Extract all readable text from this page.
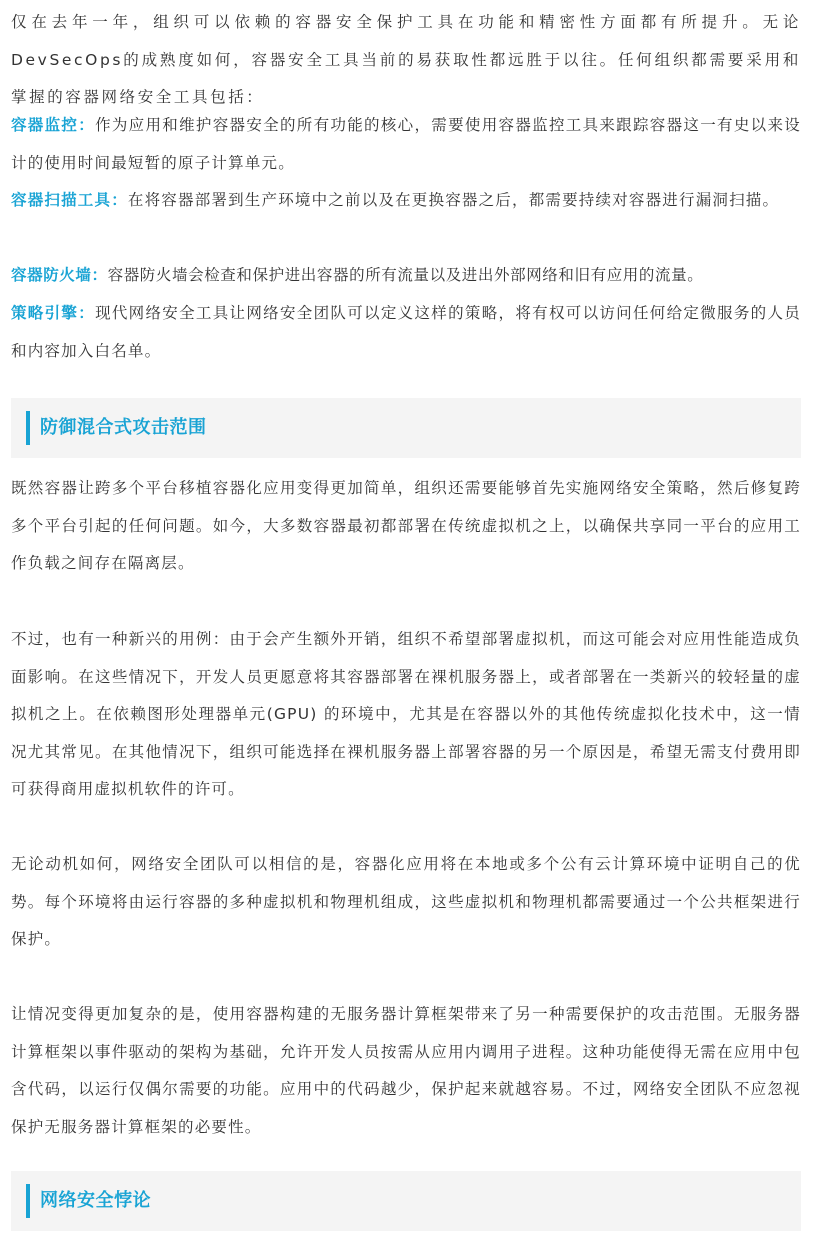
仅在去年一年，组织可以依赖的容器安全保护工具在功能和精密性方面都有所提升。无论DevSecOps的成熟度如何，容器安全工具当前的易获取性都远胜于以往。任何组织都需要采用和掌握的容器网络安全工具包括：

容器监控：作为应用和维护容器安全的所有功能的核心，需要使用容器监控工具来跟踪容器这一有史以来设计的使用时间最短暂的原子计算单元。

容器扫描工具：在将容器部署到生产环境中之前以及在更换容器之后，都需要持续对容器进行漏洞扫描。

容器防火墙：容器防火墙会检查和保护进出容器的所有流量以及进出外部网络和旧有应用的流量。

策略引擎：现代网络安全工具让网络安全团队可以定义这样的策略，将有权可以访问任何给定微服务的人员和内容加入白名单。

防御混合式攻击范围

既然容器让跨多个平台移植容器化应用变得更加简单，组织还需要能够首先实施网络安全策略，然后修复跨多个平台引起的任何问题。如今，大多数容器最初都部署在传统虚拟机之上，以确保共享同一平台的应用工作负载之间存在隔离层。

不过，也有一种新兴的用例：由于会产生额外开销，组织不希望部署虚拟机，而这可能会对应用性能造成负面影响。在这些情况下，开发人员更愿意将其容器部署在裸机服务器上，或者部署在一类新兴的较轻量的虚拟机之上。在依赖图形处理器单元(GPU) 的环境中，尤其是在容器以外的其他传统虚拟化技术中，这一情况尤其常见。在其他情况下，组织可能选择在裸机服务器上部署容器的另一个原因是，希望无需支付费用即可获得商用虚拟机软件的许可。

无论动机如何，网络安全团队可以相信的是，容器化应用将在本地或多个公有云计算环境中证明自己的优势。每个环境将由运行容器的多种虚拟机和物理机组成，这些虚拟机和物理机都需要通过一个公共框架进行保护。

让情况变得更加复杂的是，使用容器构建的无服务器计算框架带来了另一种需要保护的攻击范围。无服务器计算框架以事件驱动的架构为基础，允许开发人员按需从应用内调用子进程。这种功能使得无需在应用中包含代码，以运行仅偶尔需要的功能。应用中的代码越少，保护起来就越容易。不过，网络安全团队不应忽视保护无服务器计算框架的必要性。

网络安全悖论
